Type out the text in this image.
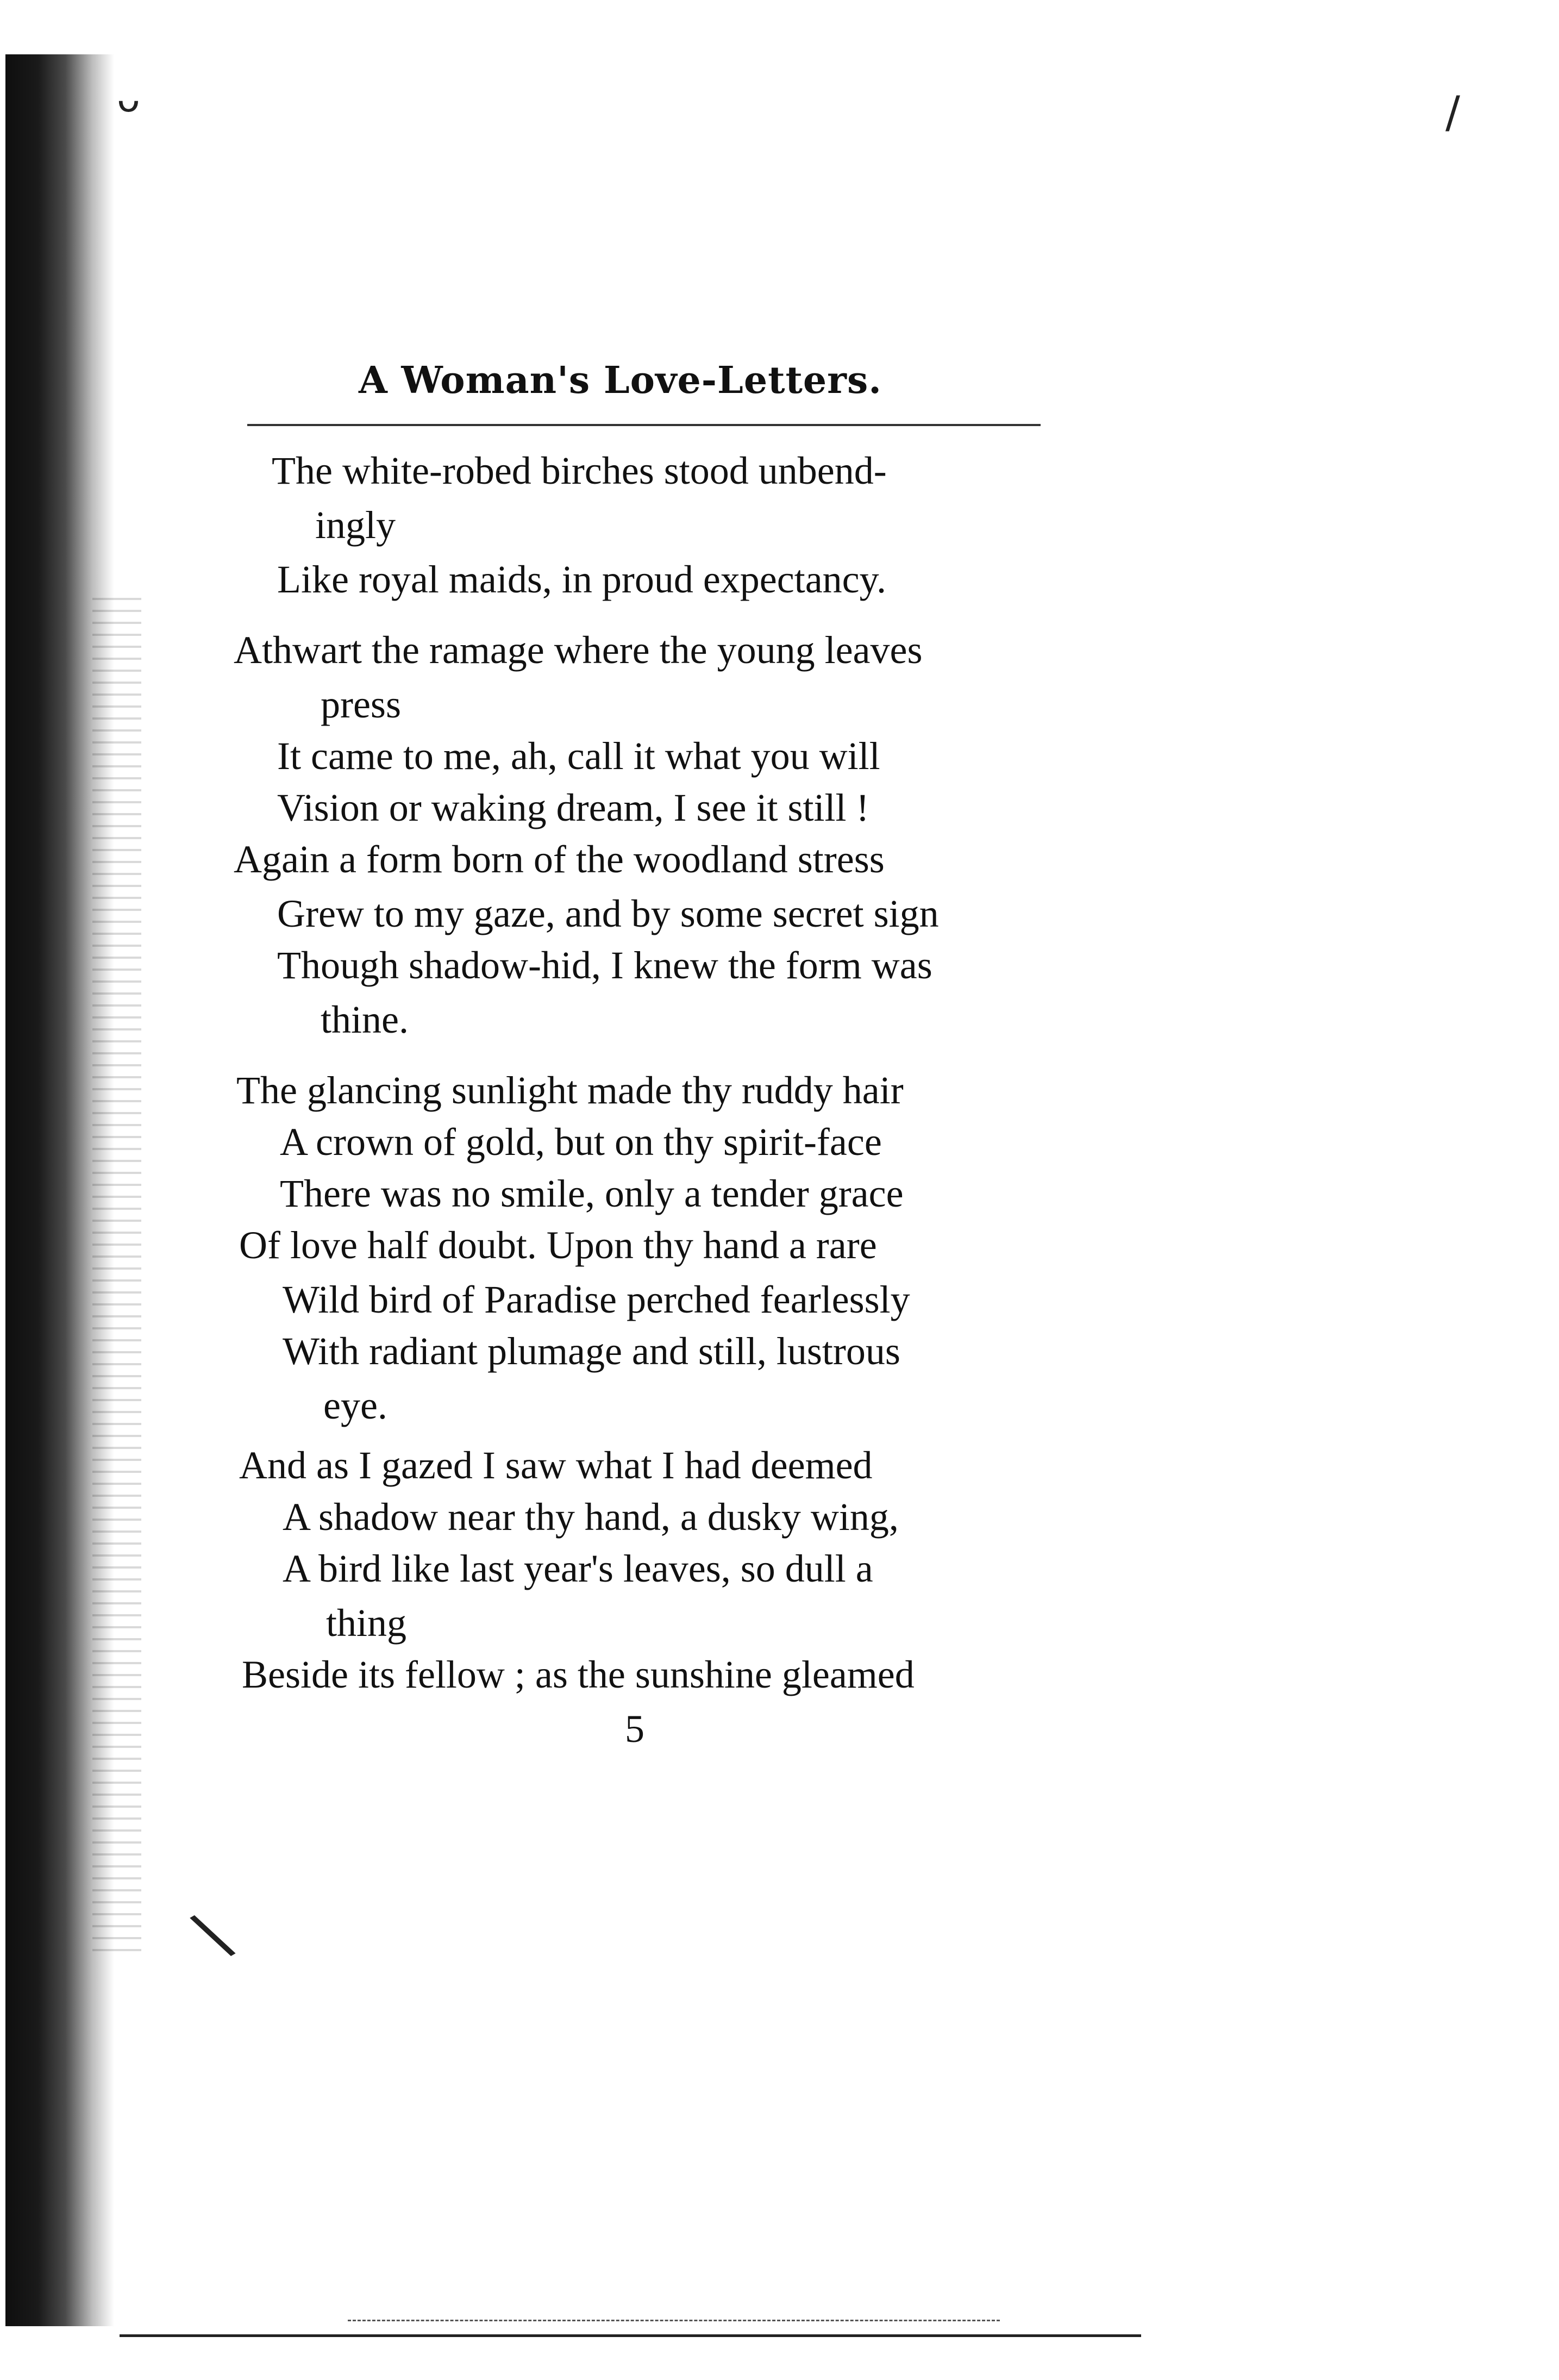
ᴗ	/
\
A Woman's Love-Letters.
The white-robed birches stood unbend-
ingly
Like royal maids, in proud expectancy.
Athwart the ramage where the young leaves
press
It came to me, ah, call it what you will
Vision or waking dream, I see it still !
Again a form born of the woodland stress
Grew to my gaze, and by some secret sign
Though shadow-hid, I knew the form was
thine.
The glancing sunlight made thy ruddy hair
A crown of gold, but on thy spirit-face
There was no smile, only a tender grace
Of love half doubt. Upon thy hand a rare
Wild bird of Paradise perched fearlessly
With radiant plumage and still, lustrous
eye.
And as I gazed I saw what I had deemed
A shadow near thy hand, a dusky wing,
A bird like last year's leaves, so dull a
thing
Beside its fellow ; as the sunshine gleamed
5
